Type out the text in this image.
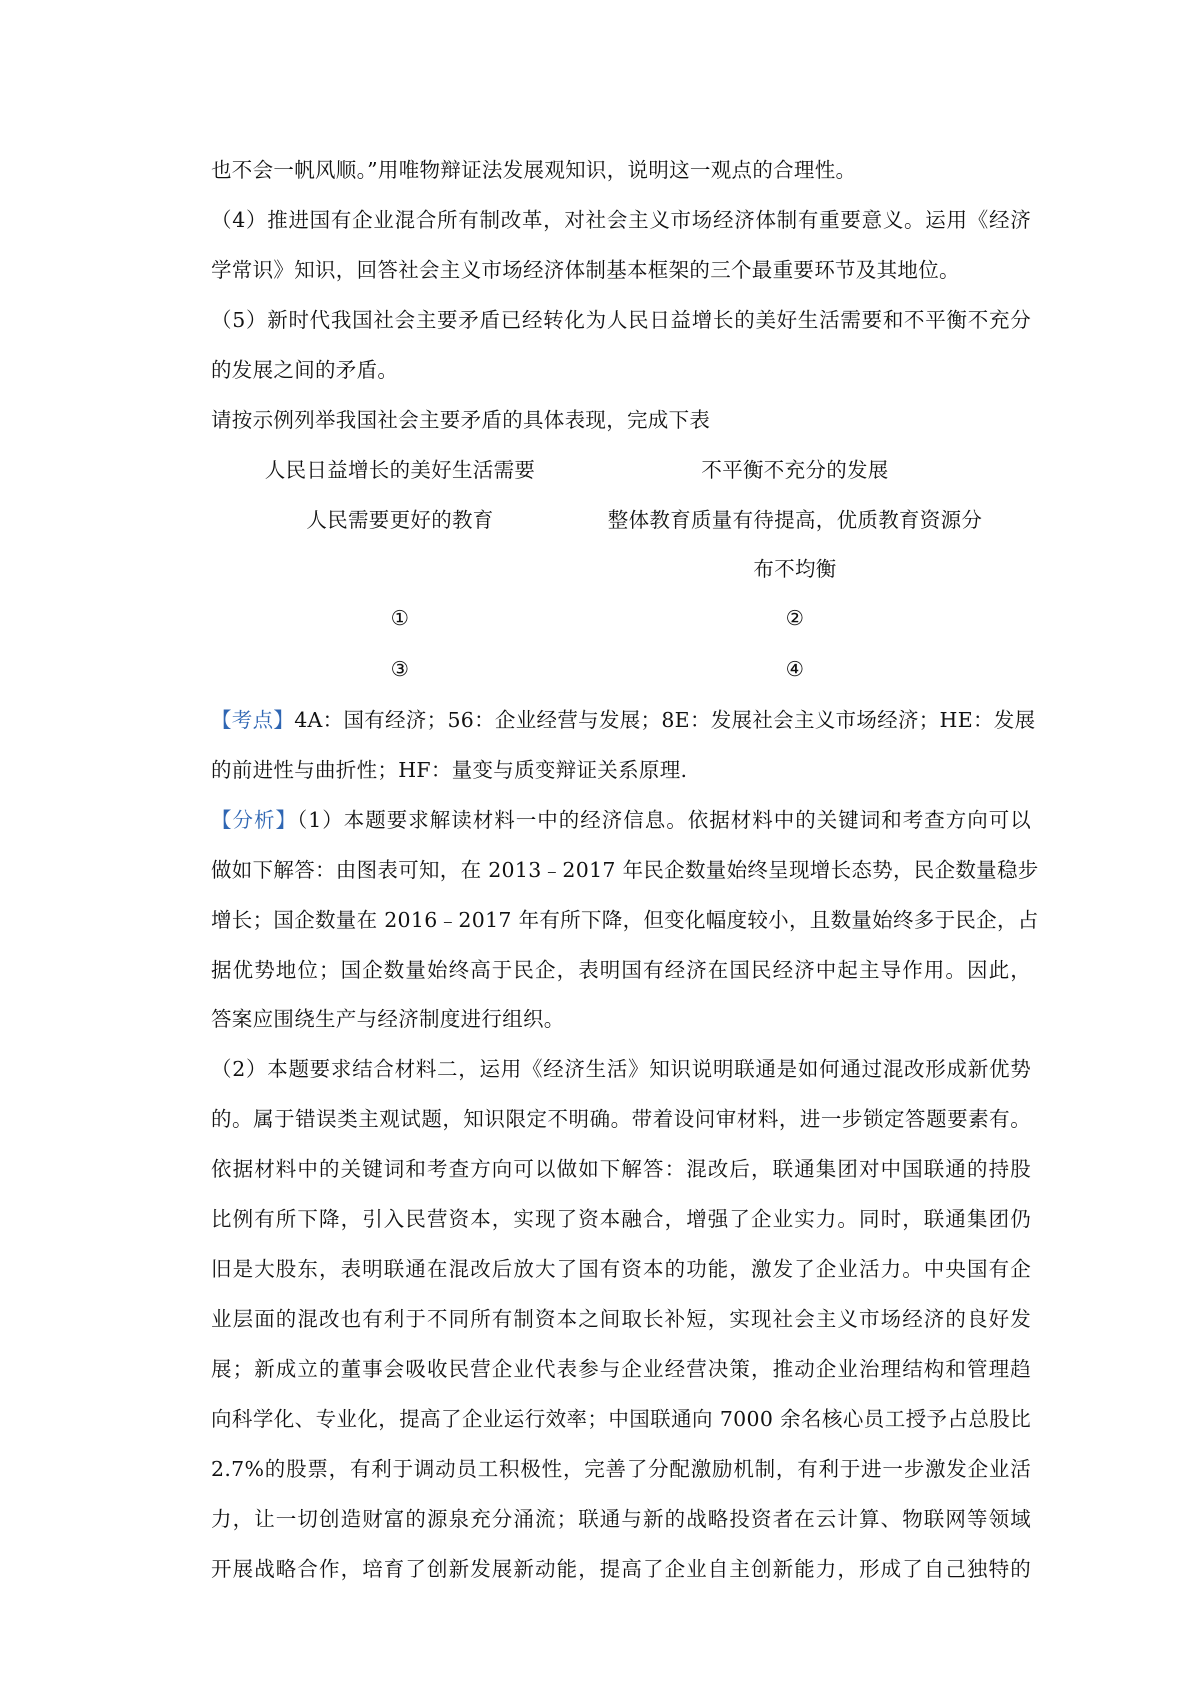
也不会一帆风顺。”用唯物辩证法发展观知识，说明这一观点的合理性。
（4）推进国有企业混合所有制改革，对社会主义市场经济体制有重要意义。运用《经济
学常识》知识，回答社会主义市场经济体制基本框架的三个最重要环节及其地位。
（5）新时代我国社会主要矛盾已经转化为人民日益增长的美好生活需要和不平衡不充分
的发展之间的矛盾。
请按示例列举我国社会主要矛盾的具体表现，完成下表
人民日益增长的美好生活需要	不平衡不充分的发展
人民需要更好的教育	整体教育质量有待提高，优质教育资源分
布不均衡
①	②
③	④
【考点】4A：国有经济；56：企业经营与发展；8E：发展社会主义市场经济；HE：发展
的前进性与曲折性；HF：量变与质变辩证关系原理.
【分析】（1）本题要求解读材料一中的经济信息。依据材料中的关键词和考查方向可以
做如下解答：由图表可知，在 2013﹣2017 年民企数量始终呈现增长态势，民企数量稳步
增长；国企数量在 2016﹣2017 年有所下降，但变化幅度较小，且数量始终多于民企，占
据优势地位；国企数量始终高于民企，表明国有经济在国民经济中起主导作用。因此，
答案应围绕生产与经济制度进行组织。
（2）本题要求结合材料二，运用《经济生活》知识说明联通是如何通过混改形成新优势
的。属于错误类主观试题，知识限定不明确。带着设问审材料，进一步锁定答题要素有。
依据材料中的关键词和考查方向可以做如下解答：混改后，联通集团对中国联通的持股
比例有所下降，引入民营资本，实现了资本融合，增强了企业实力。同时，联通集团仍
旧是大股东，表明联通在混改后放大了国有资本的功能，激发了企业活力。中央国有企
业层面的混改也有利于不同所有制资本之间取长补短，实现社会主义市场经济的良好发
展；新成立的董事会吸收民营企业代表参与企业经营决策，推动企业治理结构和管理趋
向科学化、专业化，提高了企业运行效率；中国联通向 7000 余名核心员工授予占总股比
2.7%的股票，有利于调动员工积极性，完善了分配激励机制，有利于进一步激发企业活
力，让一切创造财富的源泉充分涌流；联通与新的战略投资者在云计算、物联网等领域
开展战略合作，培育了创新发展新动能，提高了企业自主创新能力，形成了自己独特的
